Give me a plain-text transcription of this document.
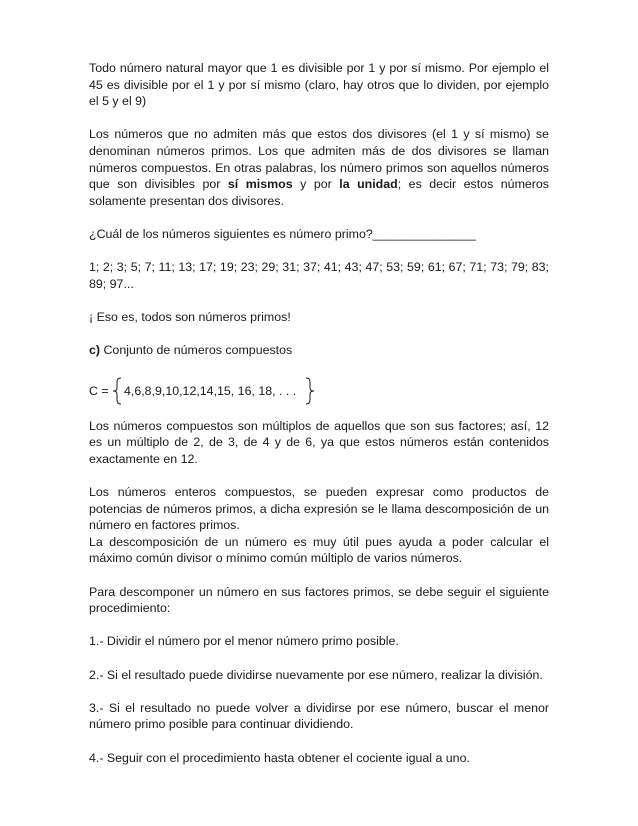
Todo número natural mayor que 1 es divisible por 1 y por sí mismo. Por ejemplo el 45 es divisible por el 1 y por sí mismo (claro, hay otros que lo dividen, por ejemplo el 5 y el 9)

Los números que no admiten más que estos dos divisores (el 1 y sí mismo) se denominan números primos. Los que admiten más de dos divisores se llaman números compuestos. En otras palabras, los número primos son aquellos números que son divisibles por sí mismos y por la unidad; es decir estos números solamente presentan dos divisores.

¿Cuál de los números siguientes es número primo?_______________

1; 2; 3; 5; 7; 11; 13; 17; 19; 23; 29; 31; 37; 41; 43; 47; 53; 59; 61; 67; 71; 73; 79; 83; 89; 97...

¡ Eso es, todos son números primos!

c) Conjunto de números compuestos

C = 4,6,8,9,10,12,14,15, 16, 18, . . .

Los números compuestos son múltiplos de aquellos que son sus factores; así, 12 es un múltiplo de 2, de 3, de 4 y de 6, ya que estos números están contenidos exactamente en 12.

Los números enteros compuestos, se pueden expresar como productos de potencias de números primos, a dicha expresión se le llama descomposición de un número en factores primos.

La descomposición de un número es muy útil pues ayuda a poder calcular el máximo común divisor o mínimo común múltiplo de varios números.

Para descomponer un número en sus factores primos, se debe seguir el siguiente procedimiento:

1.- Dividir el número por el menor número primo posible.

2.- Si el resultado puede dividirse nuevamente por ese número, realizar la división.

3.- Si el resultado no puede volver a dividirse por ese número, buscar el menor número primo posible para continuar dividiendo.

4.- Seguir con el procedimiento hasta obtener el cociente igual a uno.
